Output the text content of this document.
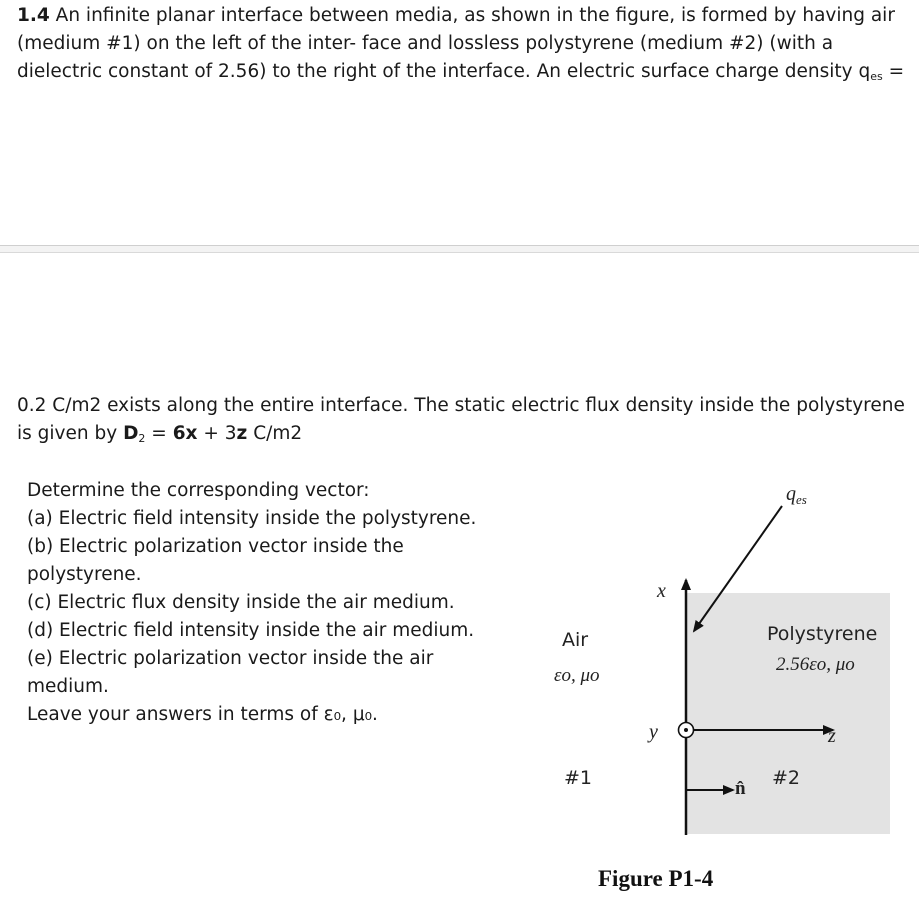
1.4 An infinite planar interface between media, as shown in the figure, is formed by having air (medium #1) on the left of the inter- face and lossless polystyrene (medium #2) (with a dielectric constant of 2.56) to the right of the interface. An electric surface charge density $q_{es}$ =
0.2 C/m2 exists along the entire interface. The static electric flux density inside the polystyrene is given by $D_2 = 6x + 3z$ C/m2
Determine the corresponding vector:
(a) Electric field intensity inside the polystyrene.
(b) Electric polarization vector inside the
polystyrene.
(c) Electric flux density inside the air medium.
(d) Electric field intensity inside the air medium.
(e) Electric polarization vector inside the air
medium.
Leave your answers in terms of ε₀, μ₀.
Air
εo, μo
#1
Polystyrene
2.56εo, μo
#2
x
y	z
n̂
$q_{es}$
Figure P1-4
